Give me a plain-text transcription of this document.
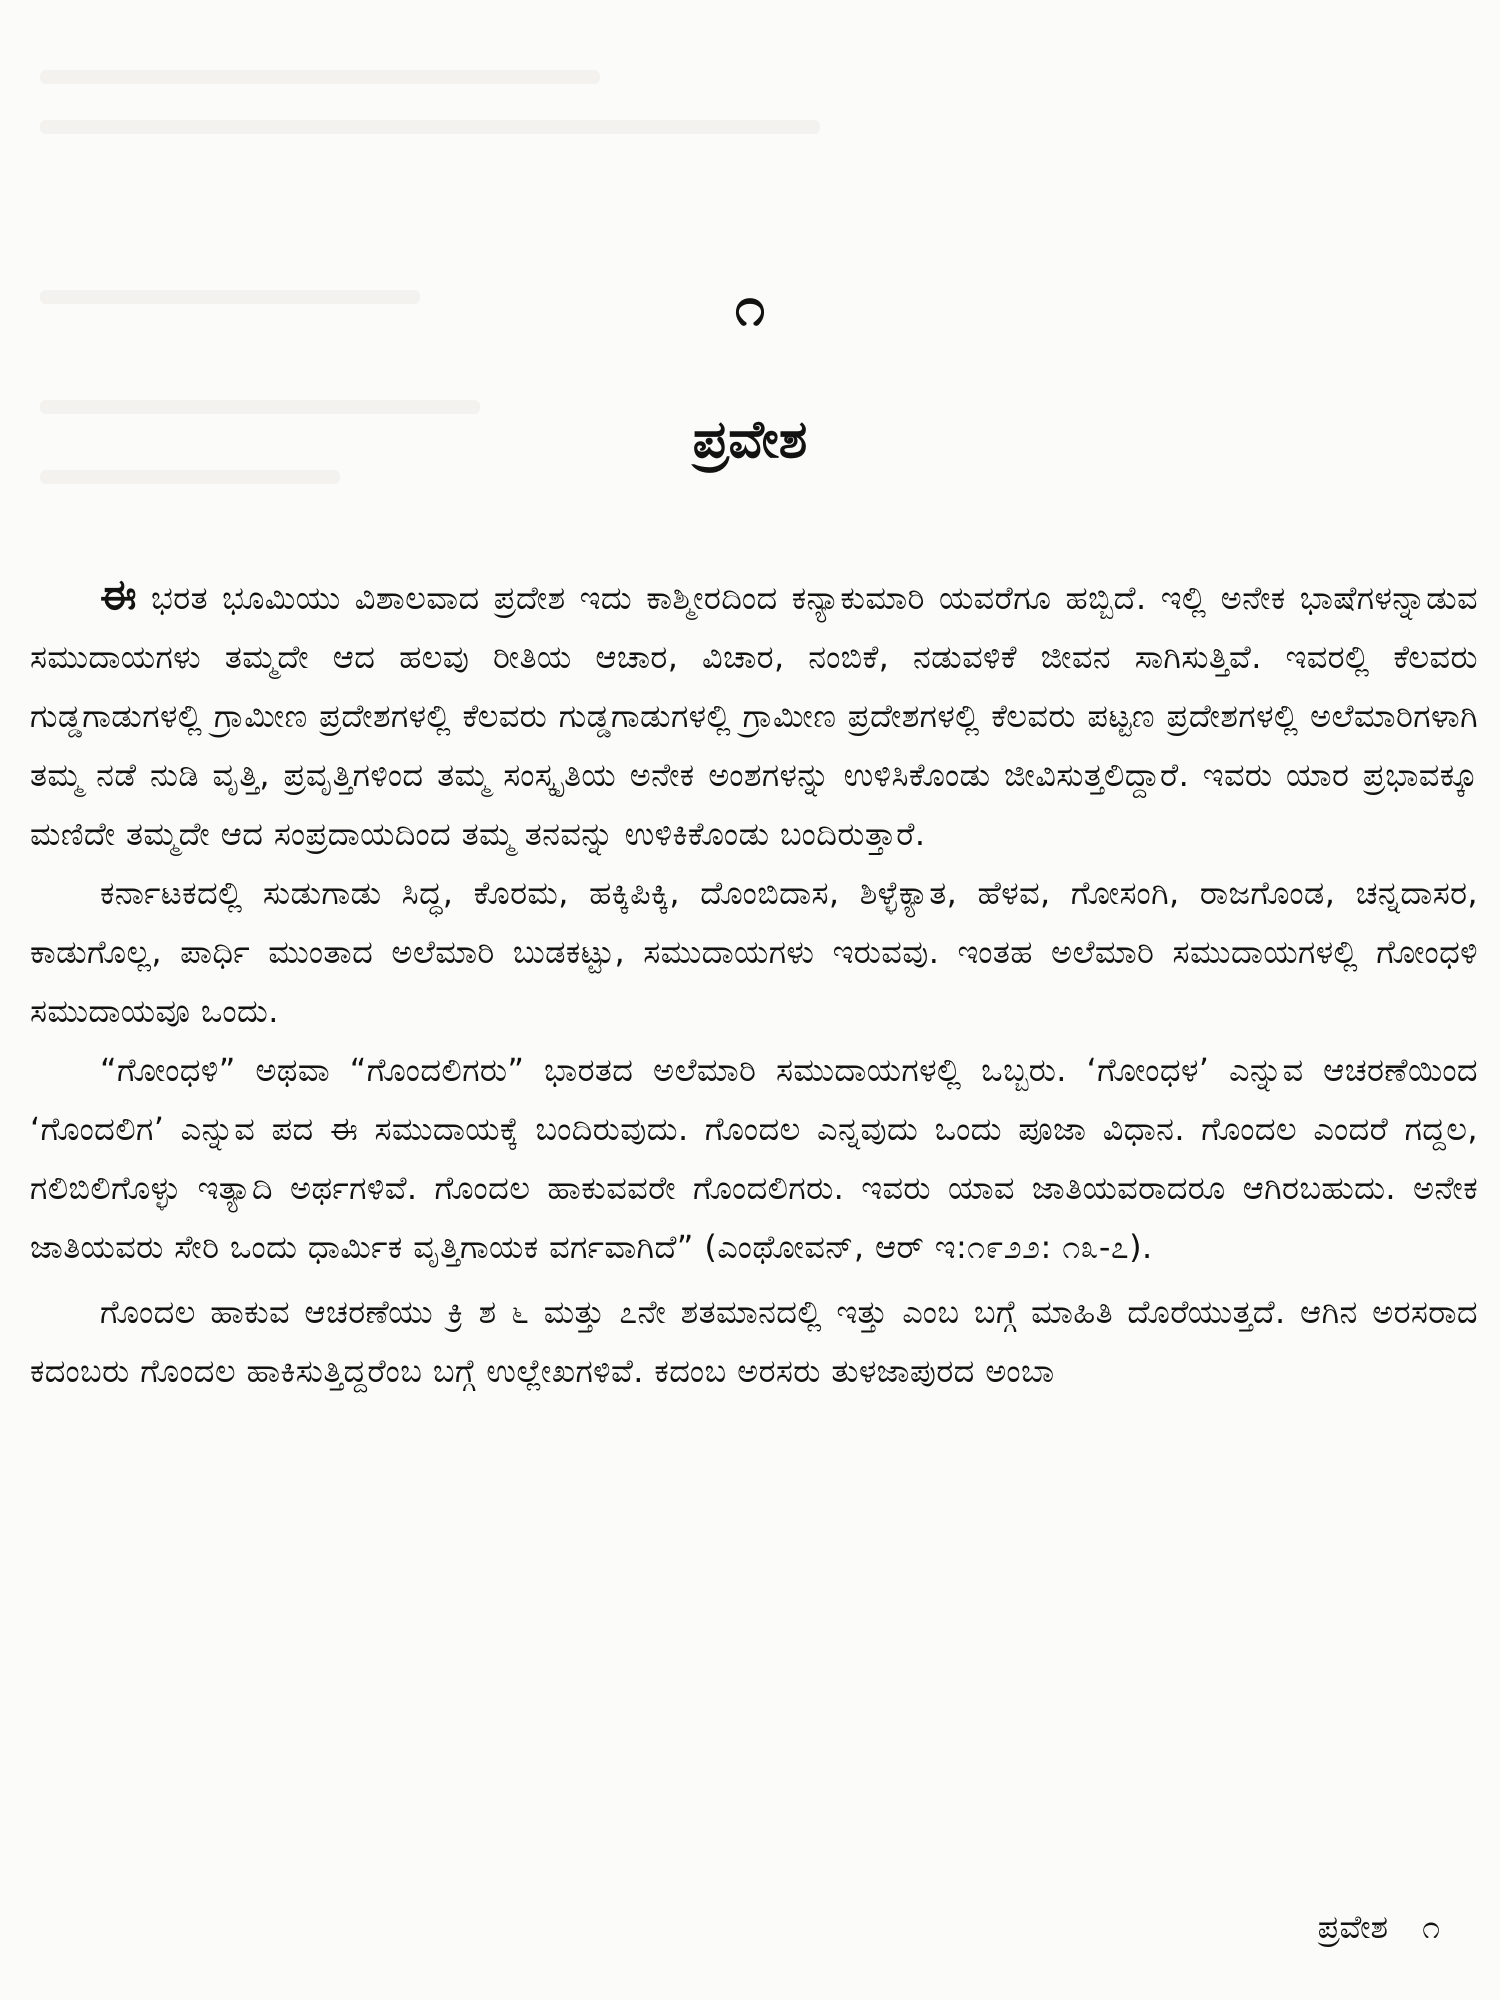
೧
ಪ್ರವೇಶ

ಈ ಭರತ ಭೂಮಿಯು ವಿಶಾಲವಾದ ಪ್ರದೇಶ ಇದು ಕಾಶ್ಮೀರದಿಂದ ಕನ್ಯಾಕುಮಾರಿ ಯವರೆಗೂ ಹಬ್ಬಿದೆ. ಇಲ್ಲಿ ಅನೇಕ ಭಾಷೆಗಳನ್ನಾಡುವ ಸಮುದಾಯಗಳು ತಮ್ಮದೇ ಆದ ಹಲವು ರೀತಿಯ ಆಚಾರ, ವಿಚಾರ, ನಂಬಿಕೆ, ನಡುವಳಿಕೆ ಜೀವನ ಸಾಗಿಸುತ್ತಿವೆ. ಇವರಲ್ಲಿ ಕೆಲವರು ಗುಡ್ಡಗಾಡುಗಳಲ್ಲಿ ಗ್ರಾಮೀಣ ಪ್ರದೇಶಗಳಲ್ಲಿ ಕೆಲವರು ಗುಡ್ಡಗಾಡುಗಳಲ್ಲಿ ಗ್ರಾಮೀಣ ಪ್ರದೇಶಗಳಲ್ಲಿ ಕೆಲವರು ಪಟ್ಟಣ ಪ್ರದೇಶಗಳಲ್ಲಿ ಅಲೆಮಾರಿಗಳಾಗಿ ತಮ್ಮ ನಡೆ ನುಡಿ ವೃತ್ತಿ, ಪ್ರವೃತ್ತಿಗಳಿಂದ ತಮ್ಮ ಸಂಸ್ಕೃತಿಯ ಅನೇಕ ಅಂಶಗಳನ್ನು ಉಳಿಸಿಕೊಂಡು ಜೀವಿಸುತ್ತಲಿದ್ದಾರೆ. ಇವರು ಯಾರ ಪ್ರಭಾವಕ್ಕೂ ಮಣಿದೇ ತಮ್ಮದೇ ಆದ ಸಂಪ್ರದಾಯದಿಂದ ತಮ್ಮ ತನವನ್ನು ಉಳಿಕಿಕೊಂಡು ಬಂದಿರುತ್ತಾರೆ.

ಕರ್ನಾಟಕದಲ್ಲಿ ಸುಡುಗಾಡು ಸಿದ್ಧ, ಕೊರಮ, ಹಕ್ಕಿಪಿಕ್ಕಿ, ದೊಂಬಿದಾಸ, ಶಿಳ್ಳೆಕ್ಯಾತ, ಹೆಳವ, ಗೋಸಂಗಿ, ರಾಜಗೊಂಡ, ಚನ್ನದಾಸರ, ಕಾಡುಗೊಲ್ಲ, ಪಾರ್ಧಿ ಮುಂತಾದ ಅಲೆಮಾರಿ ಬುಡಕಟ್ಟು, ಸಮುದಾಯಗಳು ಇರುವವು. ಇಂತಹ ಅಲೆಮಾರಿ ಸಮುದಾಯಗಳಲ್ಲಿ ಗೋಂಧಳಿ ಸಮುದಾಯವೂ ಒಂದು.

“ಗೋಂಧಳಿ” ಅಥವಾ “ಗೊಂದಲಿಗರು” ಭಾರತದ ಅಲೆಮಾರಿ ಸಮುದಾಯಗಳಲ್ಲಿ ಒಬ್ಬರು. ‘ಗೋಂಧಳ’ ಎನ್ನುವ ಆಚರಣೆಯಿಂದ ‘ಗೊಂದಲಿಗ’ ಎನ್ನುವ ಪದ ಈ ಸಮುದಾಯಕ್ಕೆ ಬಂದಿರುವುದು. ಗೊಂದಲ ಎನ್ನವುದು ಒಂದು ಪೂಜಾ ವಿಧಾನ. ಗೊಂದಲ ಎಂದರೆ ಗದ್ದಲ, ಗಲಿಬಿಲಿಗೊಳ್ಳು ಇತ್ಯಾದಿ ಅರ್ಥಗಳಿವೆ. ಗೊಂದಲ ಹಾಕುವವರೇ ಗೊಂದಲಿಗರು. ಇವರು ಯಾವ ಜಾತಿಯವರಾದರೂ ಆಗಿರಬಹುದು. ಅನೇಕ ಜಾತಿಯವರು ಸೇರಿ ಒಂದು ಧಾರ್ಮಿಕ ವೃತ್ತಿಗಾಯಕ ವರ್ಗವಾಗಿದೆ” (ಎಂಥೋವನ್, ಆರ್ ಇ:೧೯೨೨: ೧೩-೭).

ಗೊಂದಲ ಹಾಕುವ ಆಚರಣೆಯು ಕ್ರಿ ಶ ೬ ಮತ್ತು ೭ನೇ ಶತಮಾನದಲ್ಲಿ ಇತ್ತು ಎಂಬ ಬಗ್ಗೆ ಮಾಹಿತಿ ದೊರೆಯುತ್ತದೆ. ಆಗಿನ ಅರಸರಾದ ಕದಂಬರು ಗೊಂದಲ ಹಾಕಿಸುತ್ತಿದ್ದರೆಂಬ ಬಗ್ಗೆ ಉಲ್ಲೇಖಗಳಿವೆ. ಕದಂಬ ಅರಸರು ತುಳಜಾಪುರದ ಅಂಬಾ

ಪ್ರವೇಶ ೧
